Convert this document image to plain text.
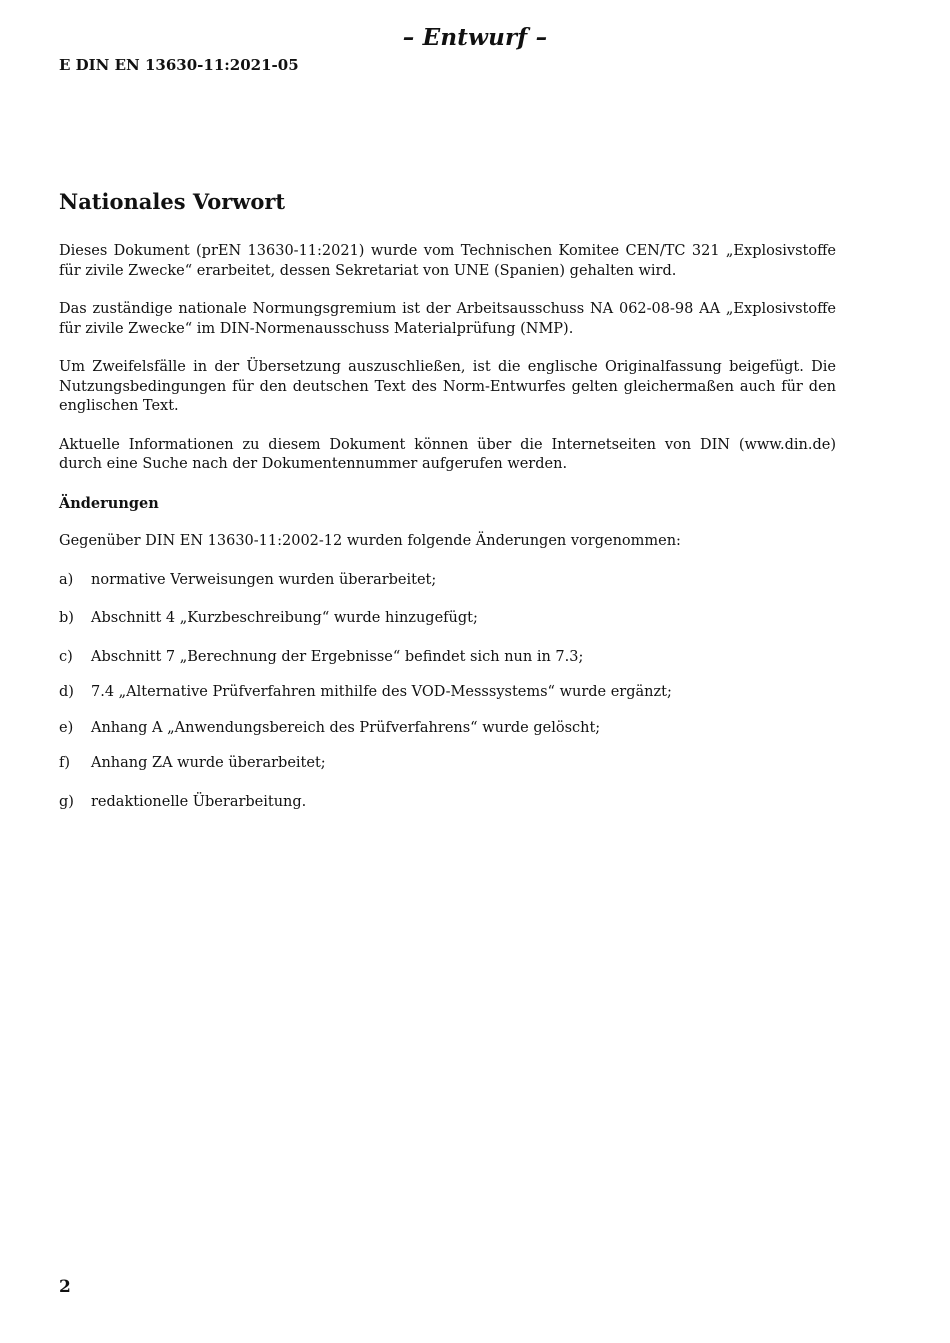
– Entwurf –
E DIN EN 13630-11:2021-05
Nationales Vorwort

Dieses Dokument (prEN 13630-11:2021) wurde vom Technischen Komitee CEN/TC 321 „Explosivstoffe für zivile Zwecke“ erarbeitet, dessen Sekretariat von UNE (Spanien) gehalten wird.

Das zuständige nationale Normungsgremium ist der Arbeitsausschuss NA 062-08-98 AA „Explosivstoffe für zivile Zwecke“ im DIN-Normenausschuss Materialprüfung (NMP).

Um Zweifelsfälle in der Übersetzung auszuschließen, ist die englische Originalfassung beigefügt. Die Nutzungsbedingungen für den deutschen Text des Norm-Entwurfes gelten gleichermaßen auch für den englischen Text.

Aktuelle Informationen zu diesem Dokument können über die Internetseiten von DIN (www.din.de) durch eine Suche nach der Dokumentennummer aufgerufen werden.

Änderungen

Gegenüber DIN EN 13630-11:2002-12 wurden folgende Änderungen vorgenommen:

a)	normative Verweisungen wurden überarbeitet;
b)	Abschnitt 4 „Kurzbeschreibung“ wurde hinzugefügt;
c)	Abschnitt 7 „Berechnung der Ergebnisse“ befindet sich nun in 7.3;
d)	7.4 „Alternative Prüfverfahren mithilfe des VOD-Messsystems“ wurde ergänzt;
e)	Anhang A „Anwendungsbereich des Prüfverfahrens“ wurde gelöscht;
f)	Anhang ZA wurde überarbeitet;
g)	redaktionelle Überarbeitung.
2
